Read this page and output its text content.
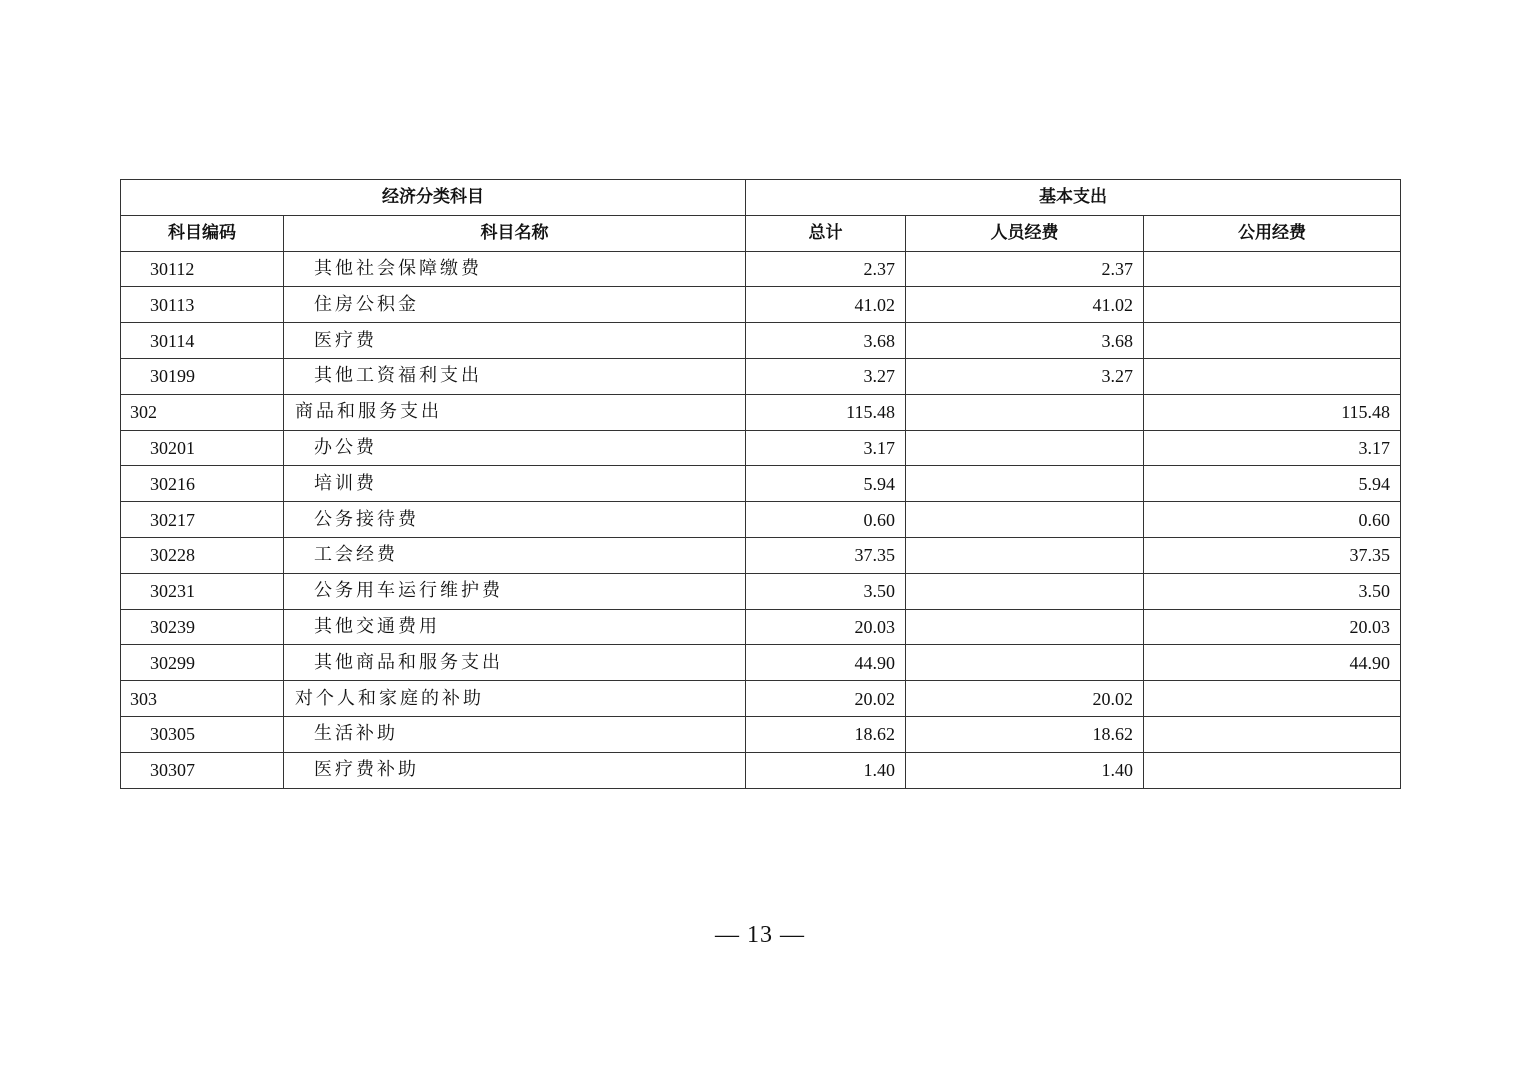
经济分类科目		基本支出		
科目编码	科目名称	总计	人员经费	公用经费
30112	其他社会保障缴费	2.37	2.37	
30113	住房公积金	41.02	41.02	
30114	医疗费	3.68	3.68	
30199	其他工资福利支出	3.27	3.27	
302	商品和服务支出	115.48		115.48
30201	办公费	3.17		3.17
30216	培训费	5.94		5.94
30217	公务接待费	0.60		0.60
30228	工会经费	37.35		37.35
30231	公务用车运行维护费	3.50		3.50
30239	其他交通费用	20.03		20.03
30299	其他商品和服务支出	44.90		44.90
303	对个人和家庭的补助	20.02	20.02	
30305	生活补助	18.62	18.62	
30307	医疗费补助	1.40	1.40	
— 13 —
